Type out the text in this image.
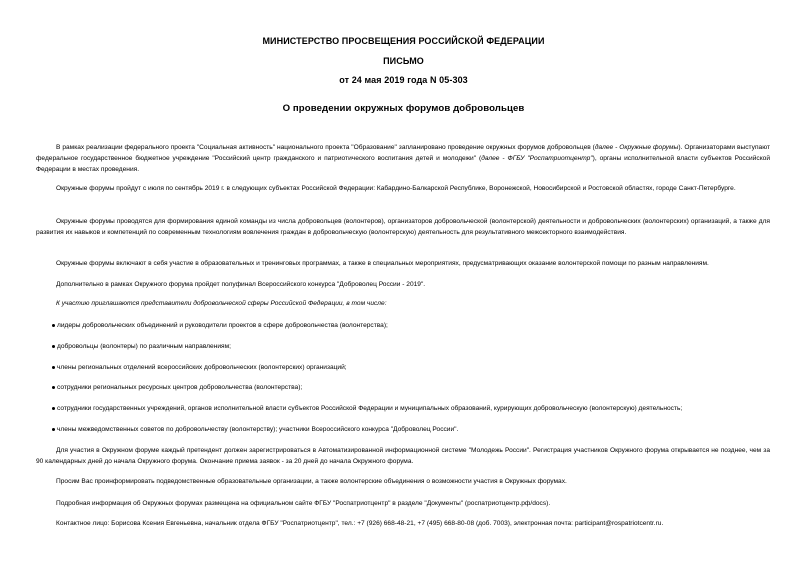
МИНИСТЕРСТВО ПРОСВЕЩЕНИЯ РОССИЙСКОЙ ФЕДЕРАЦИИ
ПИСЬМО
от 24 мая 2019 года N 05-303
О проведении окружных форумов добровольцев

В рамках реализации федерального проекта "Социальная активность" национального проекта "Образование" запланировано проведение окружных форумов добровольцев (далее - Окружные форумы). Организаторами выступают федеральное государственное бюджетное учреждение "Российский центр гражданского и патриотического воспитания детей и молодежи" (далее - ФГБУ "Роспатриотцентр"), органы исполнительной власти субъектов Российской Федерации в местах проведения.

Окружные форумы пройдут с июля по сентябрь 2019 г. в следующих субъектах Российской Федерации: Кабардино-Балкарской Республике, Воронежской, Новосибирской и Ростовской областях, городе Санкт-Петербурге.

Окружные форумы проводятся для формирования единой команды из числа добровольцев (волонтеров), организаторов добровольческой (волонтерской) деятельности и добровольческих (волонтерских) организаций, а также для развития их навыков и компетенций по современным технологиям вовлечения граждан в добровольческую (волонтерскую) деятельность для результативного межсекторного взаимодействия.

Окружные форумы включают в себя участие в образовательных и тренинговых программах, а также в специальных мероприятиях, предусматривающих оказание волонтерской помощи по разным направлениям.

Дополнительно в рамках Окружного форума пройдет полуфинал Всероссийского конкурса "Доброволец России - 2019".

К участию приглашаются представители добровольческой сферы Российской Федерации, в том числе:

лидеры добровольческих объединений и руководители проектов в сфере добровольчества (волонтерства);
добровольцы (волонтеры) по различным направлениям;
члены региональных отделений всероссийских добровольческих (волонтерских) организаций;
сотрудники региональных ресурсных центров добровольчества (волонтерства);
сотрудники государственных учреждений, органов исполнительной власти субъектов Российской Федерации и муниципальных образований, курирующих добровольческую (волонтерскую) деятельность;
члены межведомственных советов по добровольчеству (волонтерству); участники Всероссийского конкурса "Доброволец России".

Для участия в Окружном форуме каждый претендент должен зарегистрироваться в Автоматизированной информационной системе "Молодежь России". Регистрация участников Окружного форума открывается не позднее, чем за 90 календарных дней до начала Окружного форума. Окончание приема заявок - за 20 дней до начала Окружного форума.

Просим Вас проинформировать подведомственные образовательные организации, а также волонтерские объединения о возможности участия в Окружных форумах.

Подробная информация об Окружных форумах размещена на официальном сайте ФГБУ "Роспатриотцентр" в разделе "Документы" (роспатриотцентр.рф/docs).

Контактное лицо: Борисова Ксения Евгеньевна, начальник отдела ФГБУ "Роспатриотцентр", тел.: +7 (926) 668-48-21, +7 (495) 668-80-08 (доб. 7003), электронная почта: participant@rospatriotcentr.ru.
